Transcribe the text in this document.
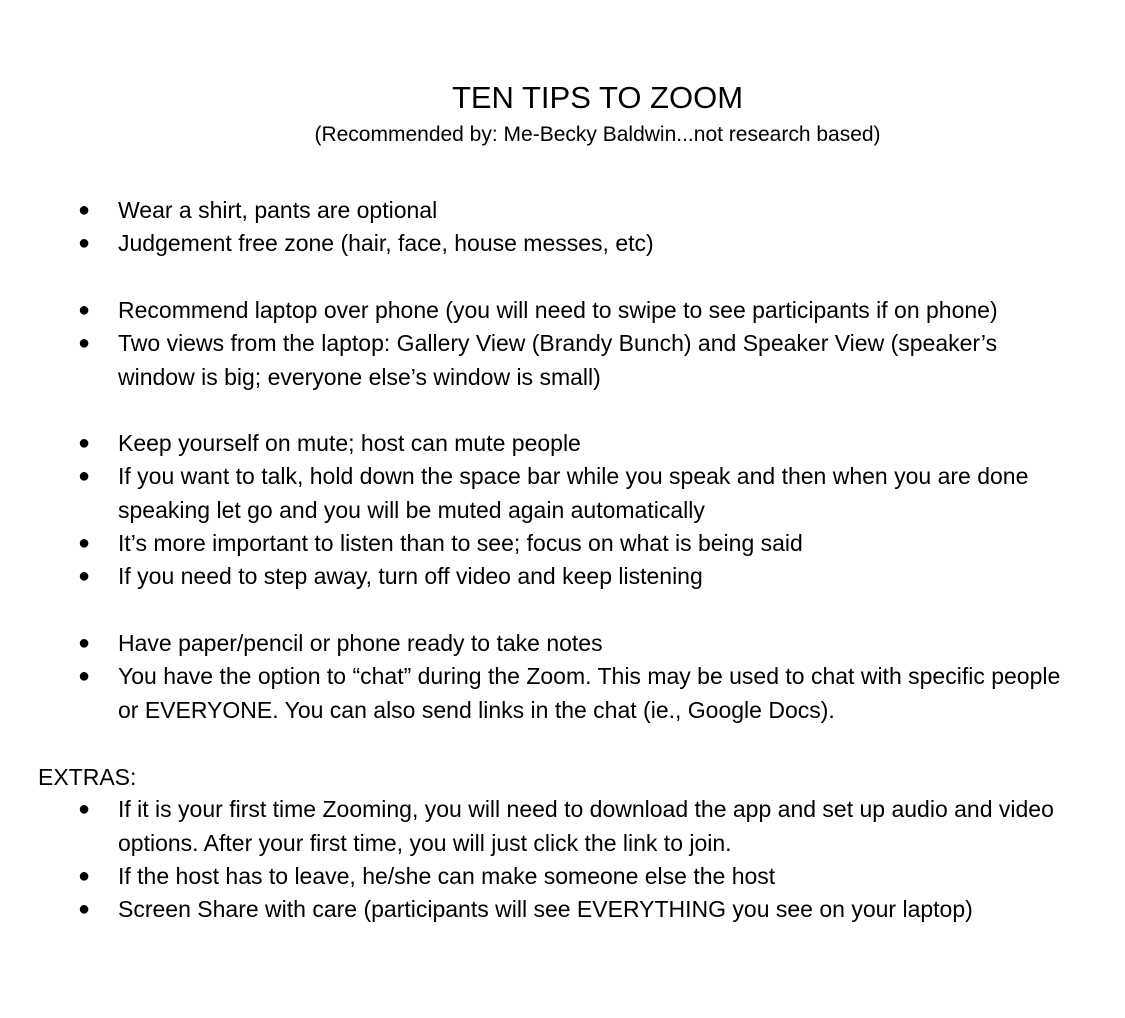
TEN TIPS TO ZOOM

(Recommended by: Me-Becky Baldwin...not research based)

● Wear a shirt, pants are optional
● Judgement free zone (hair, face, house messes, etc)
● Recommend laptop over phone (you will need to swipe to see participants if on phone)
● Two views from the laptop: Gallery View (Brandy Bunch) and Speaker View (speaker’s window is big; everyone else’s window is small)
● Keep yourself on mute; host can mute people
● If you want to talk, hold down the space bar while you speak and then when you are done speaking let go and you will be muted again automatically
● It’s more important to listen than to see; focus on what is being said
● If you need to step away, turn off video and keep listening
● Have paper/pencil or phone ready to take notes
● You have the option to “chat” during the Zoom. This may be used to chat with specific people or EVERYONE. You can also send links in the chat (ie., Google Docs).

EXTRAS:

● If it is your first time Zooming, you will need to download the app and set up audio and video options. After your first time, you will just click the link to join.
● If the host has to leave, he/she can make someone else the host
● Screen Share with care (participants will see EVERYTHING you see on your laptop)
